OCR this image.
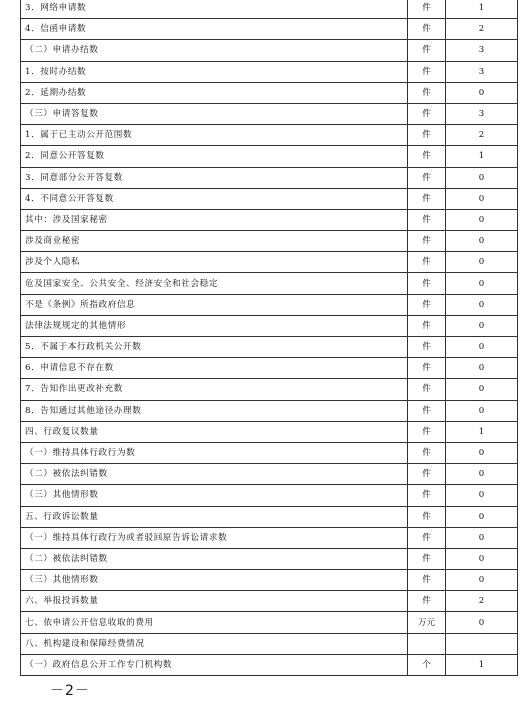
3．网络申请数	件	1
4．信函申请数	件	2
（二）申请办结数	件	3
1．按时办结数	件	3
2．延期办结数	件	0
（三）申请答复数	件	3
1．属于已主动公开范围数	件	2
2．同意公开答复数	件	1
3．同意部分公开答复数	件	0
4．不同意公开答复数	件	0
其中：涉及国家秘密	件	0
涉及商业秘密	件	0
涉及个人隐私	件	0
危及国家安全、公共安全、经济安全和社会稳定	件	0
不是《条例》所指政府信息	件	0
法律法规规定的其他情形	件	0
5．不属于本行政机关公开数	件	0
6．申请信息不存在数	件	0
7．告知作出更改补充数	件	0
8．告知通过其他途径办理数	件	0
四、行政复议数量	件	1
（一）维持具体行政行为数	件	0
（二）被依法纠错数	件	0
（三）其他情形数	件	0
五、行政诉讼数量	件	0
（一）维持具体行政行为或者驳回原告诉讼请求数	件	0
（二）被依法纠错数	件	0
（三）其他情形数	件	0
六、举报投诉数量	件	2
七、依申请公开信息收取的费用	万元	0
八、机构建设和保障经费情况		
（一）政府信息公开工作专门机构数	个	1
－2－
